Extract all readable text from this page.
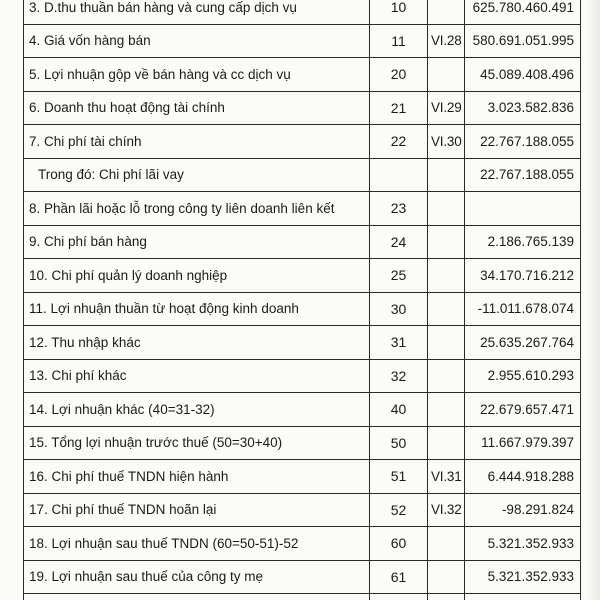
3. D.thu thuần bán hàng và cung cấp dịch vụ	10		625.780.460.491
4. Giá vốn hàng bán	11	VI.28	580.691.051.995
5. Lợi nhuận gộp về bán hàng và cc dịch vụ	20		45.089.408.496
6. Doanh thu hoạt động tài chính	21	VI.29	3.023.582.836
7. Chi phí tài chính	22	VI.30	22.767.188.055
Trong đó: Chi phí lãi vay			22.767.188.055
8. Phần lãi hoặc lỗ trong công ty liên doanh liên kết	23		
9. Chi phí bán hàng	24		2.186.765.139
10. Chi phí quản lý doanh nghiệp	25		34.170.716.212
11. Lợi nhuận thuần từ hoạt động kinh doanh	30		-11.011.678.074
12. Thu nhập khác	31		25.635.267.764
13. Chi phí khác	32		2.955.610.293
14. Lợi nhuận khác (40=31-32)	40		22.679.657.471
15. Tổng lợi nhuận trước thuế (50=30+40)	50		11.667.979.397
16. Chi phí thuế TNDN hiện hành	51	VI.31	6.444.918.288
17. Chi phí thuế TNDN hoãn lại	52	VI.32	-98.291.824
18. Lợi nhuận sau thuế TNDN (60=50-51)-52	60		5.321.352.933
19. Lợi nhuận sau thuế của công ty mẹ	61		5.321.352.933
